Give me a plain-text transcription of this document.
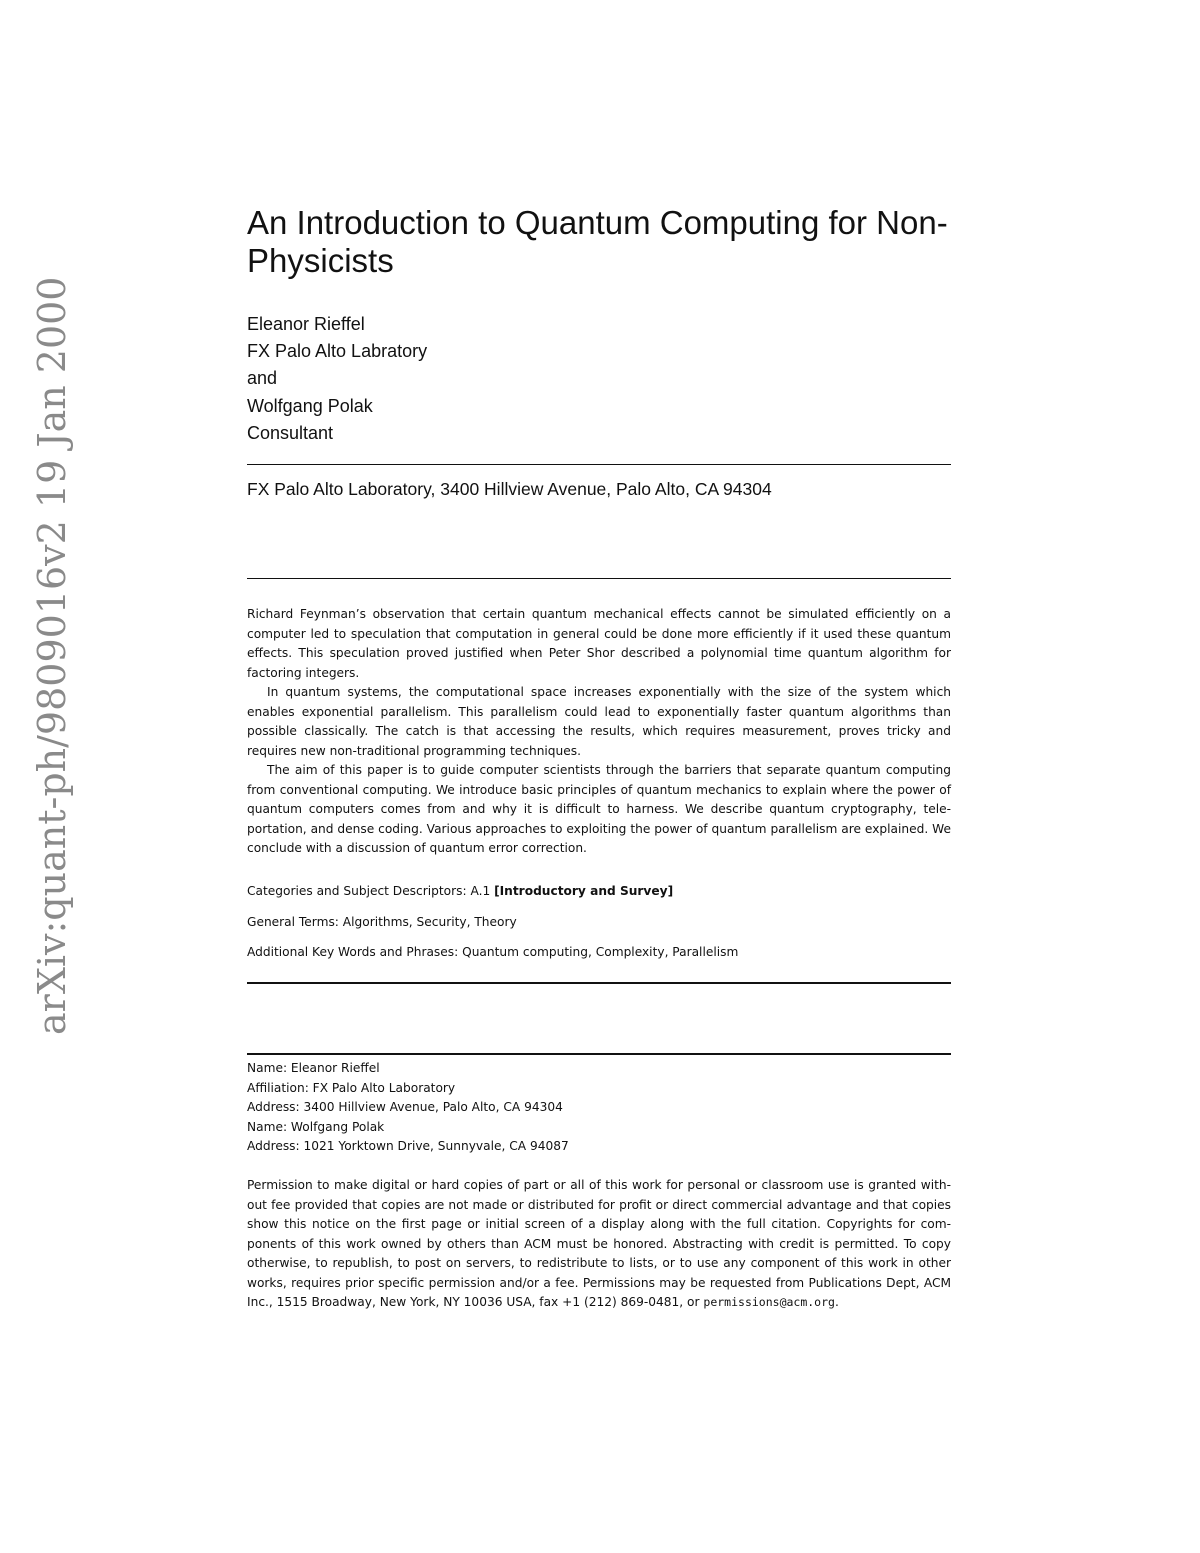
arXiv:quant-ph/9809016v2 19 Jan 2000
An Introduction to Quantum Computing for Non-Physicists
Eleanor Rieffel
FX Palo Alto Labratory
and
Wolfgang Polak
Consultant
FX Palo Alto Laboratory, 3400 Hillview Avenue, Palo Alto, CA 94304

Richard Feynman’s observation that certain quantum mechanical effects cannot be simulated efficiently on a computer led to speculation that computation in general could be done more efficiently if it used these quantum effects. This speculation proved justified when Peter Shor described a polynomial time quantum algorithm for factoring integers.

In quantum systems, the computational space increases exponentially with the size of the system which enables exponential parallelism. This parallelism could lead to exponentially faster quantum algorithms than possible classically. The catch is that accessing the results, which requires measurement, proves tricky and requires new non-traditional programming techniques.

The aim of this paper is to guide computer scientists through the barriers that separate quantum computing from conventional computing. We introduce basic principles of quantum mechanics to explain where the power of quantum computers comes from and why it is difficult to harness. We describe quantum cryptography, tele-portation, and dense coding. Various approaches to exploiting the power of quantum parallelism are explained. We conclude with a discussion of quantum error correction.

Categories and Subject Descriptors: A.1 [Introductory and Survey]
General Terms: Algorithms, Security, Theory
Additional Key Words and Phrases: Quantum computing, Complexity, Parallelism
Name: Eleanor Rieffel
Affiliation: FX Palo Alto Laboratory
Address: 3400 Hillview Avenue, Palo Alto, CA 94304
Name: Wolfgang Polak
Address: 1021 Yorktown Drive, Sunnyvale, CA 94087

Permission to make digital or hard copies of part or all of this work for personal or classroom use is granted with-out fee provided that copies are not made or distributed for profit or direct commercial advantage and that copies show this notice on the first page or initial screen of a display along with the full citation. Copyrights for com-ponents of this work owned by others than ACM must be honored. Abstracting with credit is permitted. To copy otherwise, to republish, to post on servers, to redistribute to lists, or to use any component of this work in other works, requires prior specific permission and/or a fee. Permissions may be requested from Publications Dept, ACM Inc., 1515 Broadway, New York, NY 10036 USA, fax +1 (212) 869-0481, or permissions@acm.org.
